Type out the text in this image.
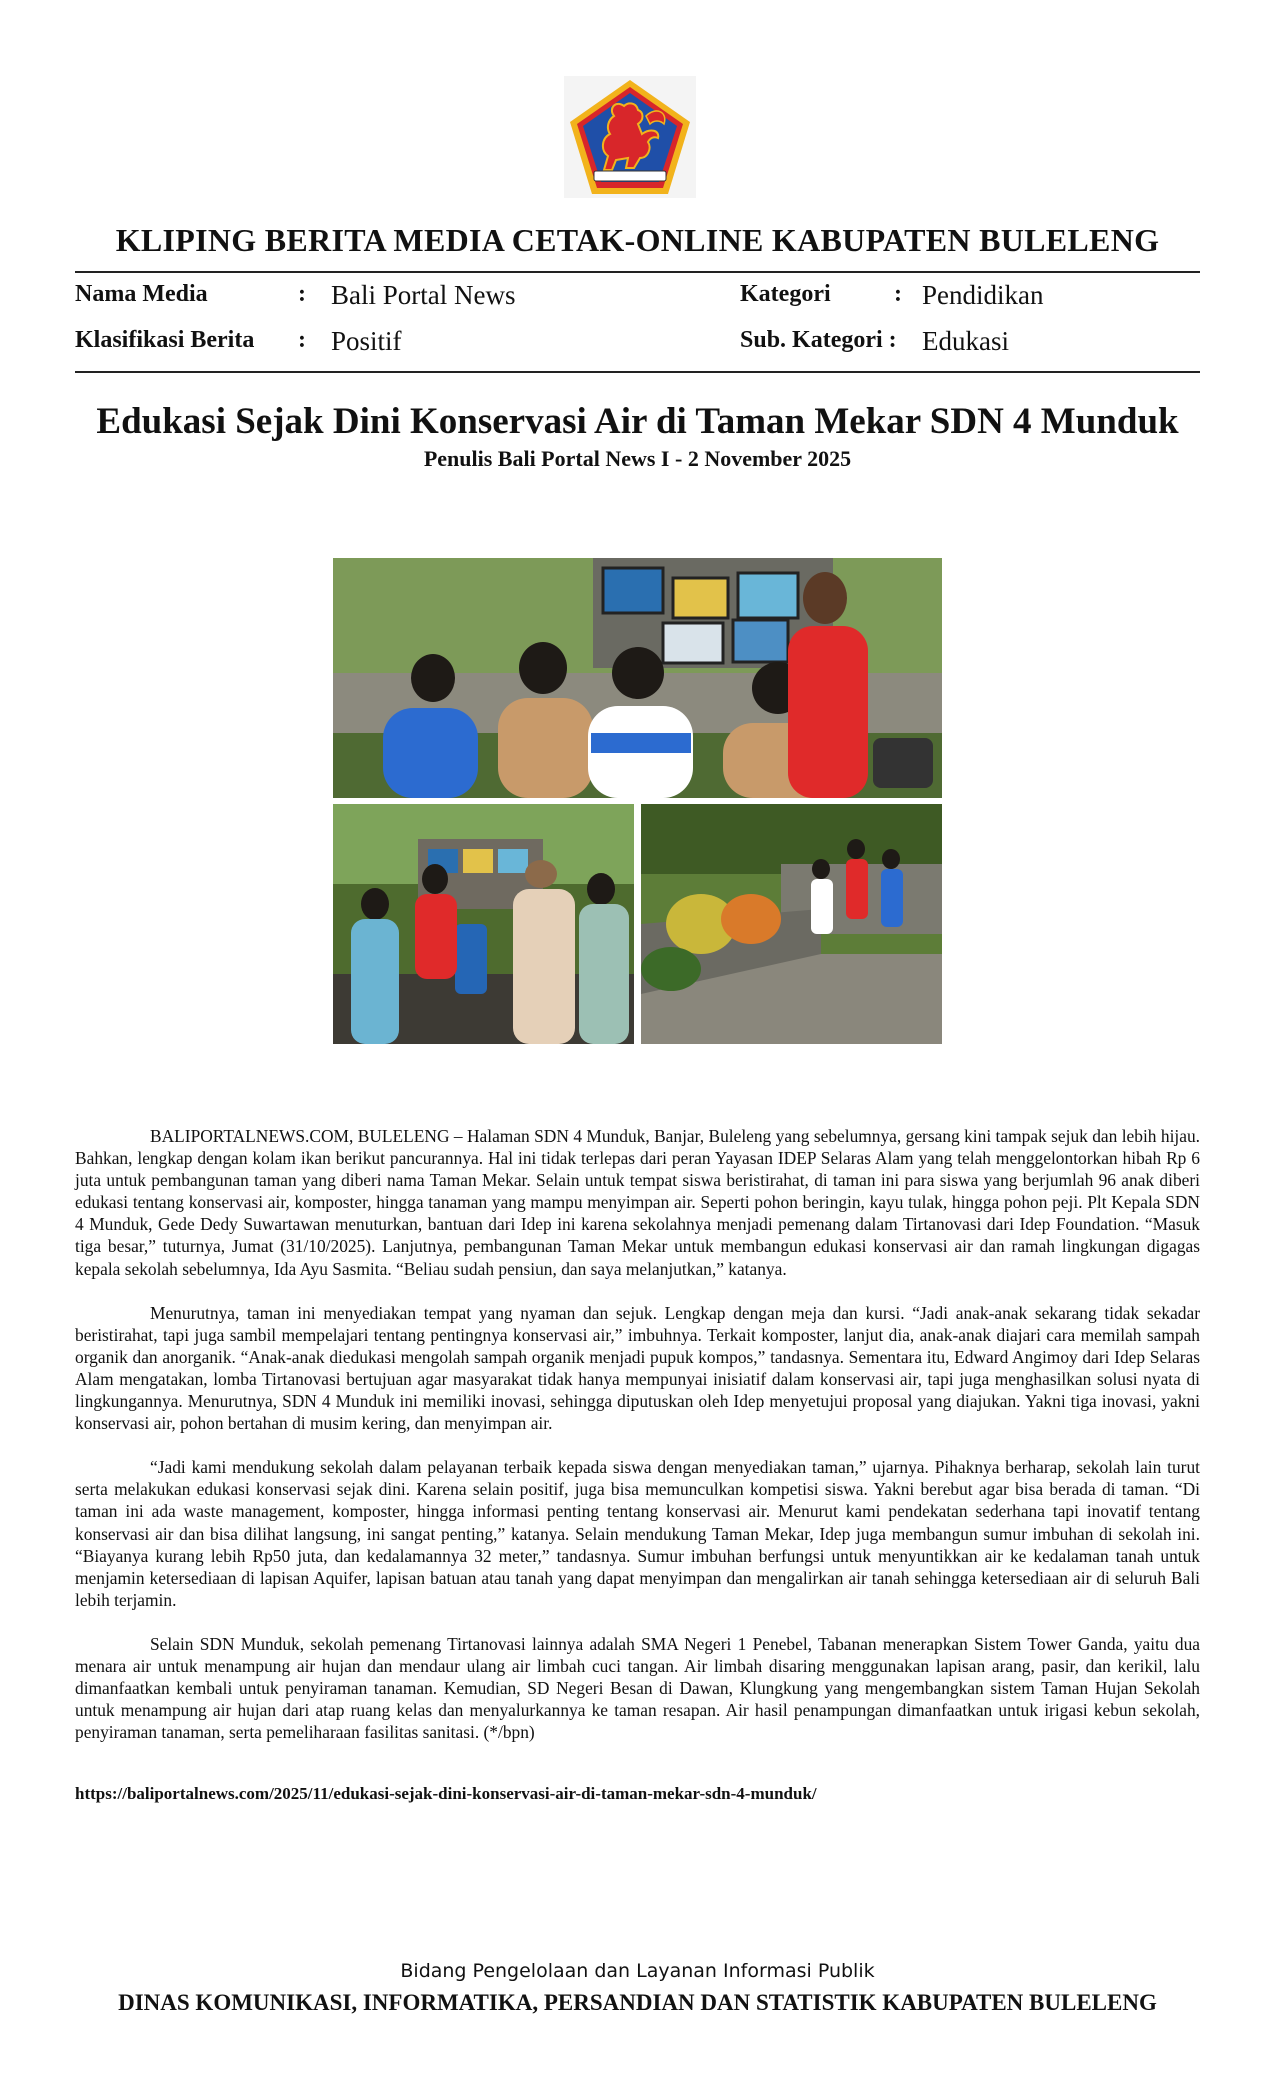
KLIPING BERITA MEDIA CETAK-ONLINE KABUPATEN BULELENG
Nama Media	: Bali Portal News	Kategori	: Pendidikan
Klasifikasi Berita : Positif	Sub. Kategori : Edukasi
Edukasi Sejak Dini Konservasi Air di Taman Mekar SDN 4 Munduk
Penulis Bali Portal News I - 2 November 2025

BALIPORTALNEWS.COM, BULELENG – Halaman SDN 4 Munduk, Banjar, Buleleng yang sebelumnya, gersang kini tampak sejuk dan lebih hijau. Bahkan, lengkap dengan kolam ikan berikut pancurannya. Hal ini tidak terlepas dari peran Yayasan IDEP Selaras Alam yang telah menggelontorkan hibah Rp 6 juta untuk pembangunan taman yang diberi nama Taman Mekar. Selain untuk tempat siswa beristirahat, di taman ini para siswa yang berjumlah 96 anak diberi edukasi tentang konservasi air, komposter, hingga tanaman yang mampu menyimpan air. Seperti pohon beringin, kayu tulak, hingga pohon peji. Plt Kepala SDN 4 Munduk, Gede Dedy Suwartawan menuturkan, bantuan dari Idep ini karena sekolahnya menjadi pemenang dalam Tirtanovasi dari Idep Foundation. “Masuk tiga besar,” tuturnya, Jumat (31/10/2025). Lanjutnya, pembangunan Taman Mekar untuk membangun edukasi konservasi air dan ramah lingkungan digagas kepala sekolah sebelumnya, Ida Ayu Sasmita. “Beliau sudah pensiun, dan saya melanjutkan,” katanya.

Menurutnya, taman ini menyediakan tempat yang nyaman dan sejuk. Lengkap dengan meja dan kursi. “Jadi anak-anak sekarang tidak sekadar beristirahat, tapi juga sambil mempelajari tentang pentingnya konservasi air,” imbuhnya. Terkait komposter, lanjut dia, anak-anak diajari cara memilah sampah organik dan anorganik. “Anak-anak diedukasi mengolah sampah organik menjadi pupuk kompos,” tandasnya. Sementara itu, Edward Angimoy dari Idep Selaras Alam mengatakan, lomba Tirtanovasi bertujuan agar masyarakat tidak hanya mempunyai inisiatif dalam konservasi air, tapi juga menghasilkan solusi nyata di lingkungannya. Menurutnya, SDN 4 Munduk ini memiliki inovasi, sehingga diputuskan oleh Idep menyetujui proposal yang diajukan. Yakni tiga inovasi, yakni konservasi air, pohon bertahan di musim kering, dan menyimpan air.

“Jadi kami mendukung sekolah dalam pelayanan terbaik kepada siswa dengan menyediakan taman,” ujarnya. Pihaknya berharap, sekolah lain turut serta melakukan edukasi konservasi sejak dini. Karena selain positif, juga bisa memunculkan kompetisi siswa. Yakni berebut agar bisa berada di taman. “Di taman ini ada waste management, komposter, hingga informasi penting tentang konservasi air. Menurut kami pendekatan sederhana tapi inovatif tentang konservasi air dan bisa dilihat langsung, ini sangat penting,” katanya. Selain mendukung Taman Mekar, Idep juga membangun sumur imbuhan di sekolah ini. “Biayanya kurang lebih Rp50 juta, dan kedalamannya 32 meter,” tandasnya. Sumur imbuhan berfungsi untuk menyuntikkan air ke kedalaman tanah untuk menjamin ketersediaan di lapisan Aquifer, lapisan batuan atau tanah yang dapat menyimpan dan mengalirkan air tanah sehingga ketersediaan air di seluruh Bali lebih terjamin.

Selain SDN Munduk, sekolah pemenang Tirtanovasi lainnya adalah SMA Negeri 1 Penebel, Tabanan menerapkan Sistem Tower Ganda, yaitu dua menara air untuk menampung air hujan dan mendaur ulang air limbah cuci tangan. Air limbah disaring menggunakan lapisan arang, pasir, dan kerikil, lalu dimanfaatkan kembali untuk penyiraman tanaman. Kemudian, SD Negeri Besan di Dawan, Klungkung yang mengembangkan sistem Taman Hujan Sekolah untuk menampung air hujan dari atap ruang kelas dan menyalurkannya ke taman resapan. Air hasil penampungan dimanfaatkan untuk irigasi kebun sekolah, penyiraman tanaman, serta pemeliharaan fasilitas sanitasi. (*/bpn)

https://baliportalnews.com/2025/11/edukasi-sejak-dini-konservasi-air-di-taman-mekar-sdn-4-munduk/
Bidang Pengelolaan dan Layanan Informasi Publik
DINAS KOMUNIKASI, INFORMATIKA, PERSANDIAN DAN STATISTIK KABUPATEN BULELENG
